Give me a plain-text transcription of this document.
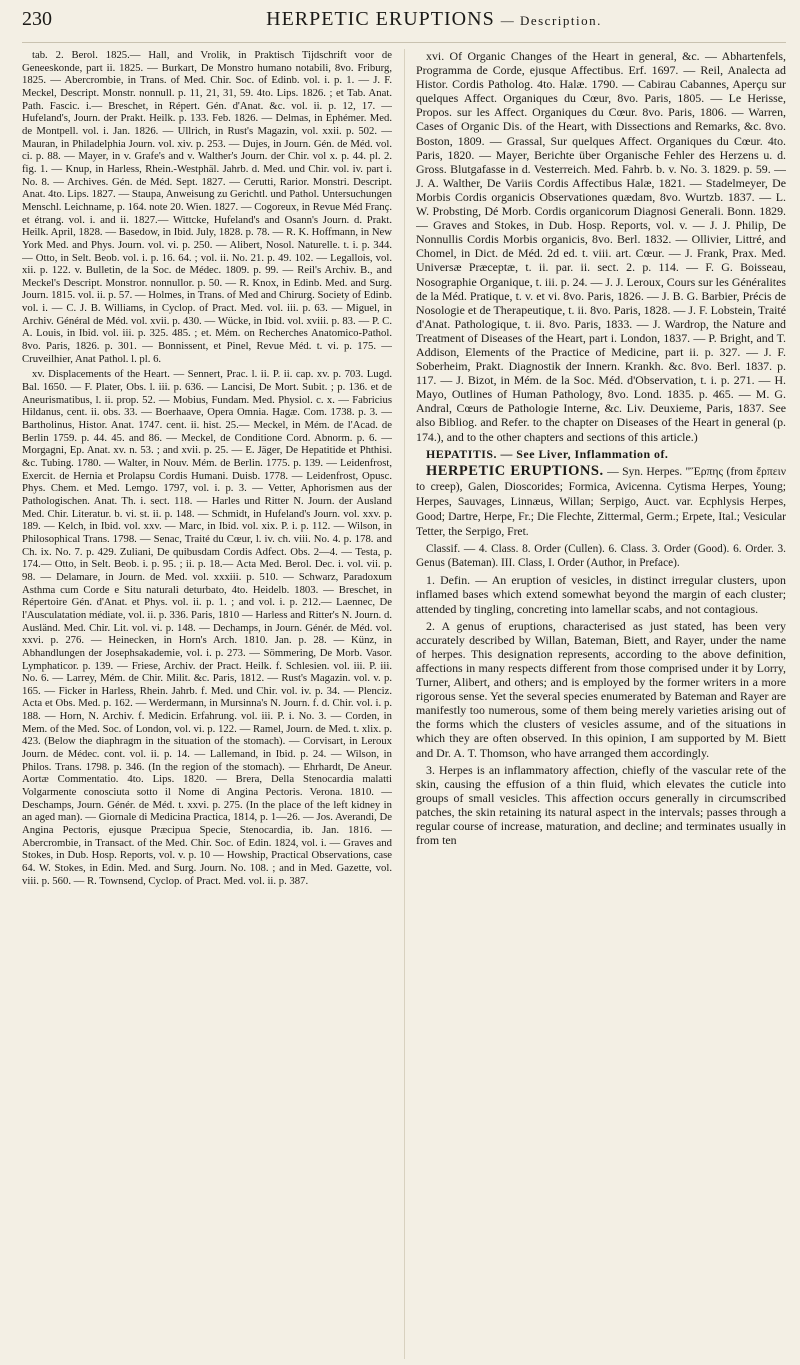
230	HERPETIC ERUPTIONS — Description.

tab. 2. Berol. 1825.— Hall, and Vrolik, in Praktisch Tijdschrift voor de Geneeskonde, part ii. 1825. — Burkart, De Monstro humano notabili, 8vo. Friburg, 1825. — Abercrombie, in Trans. of Med. Chir. Soc. of Edinb. vol. i. p. 1. — J. F. Meckel, Descript. Monstr. nonnull. p. 11, 21, 31, 59. 4to. Lips. 1826. ; et Tab. Anat. Path. Fascic. i.— Breschet, in Répert. Gén. d'Anat. &c. vol. ii. p. 12, 17. — Hufeland's, Journ. der Prakt. Heilk. p. 133. Feb. 1826. — Delmas, in Ephémer. Med. de Montpell. vol. i. Jan. 1826. — Ullrich, in Rust's Magazin, vol. xxii. p. 502. — Mauran, in Philadelphia Journ. vol. xiv. p. 253. — Dujes, in Journ. Gén. de Méd. vol. ci. p. 88. — Mayer, in v. Grafe's and v. Walther's Journ. der Chir. vol x. p. 44. pl. 2. fig. 1. — Knup, in Harless, Rhein.-Westphäl. Jahrb. d. Med. und Chir. vol. iv. part i. No. 8. — Archives. Gén. de Méd. Sept. 1827. — Cerutti, Rarior. Monstri. Descript. Anat. 4to. Lips. 1827. — Staupa, Anweisung zu Gerichtl. und Pathol. Untersuchungen Menschl. Leichname, p. 164. note 20. Wien. 1827. — Cogoreux, in Revue Méd Franç. et étrang. vol. i. and ii. 1827.— Wittcke, Hufeland's and Osann's Journ. d. Prakt. Heilk. April, 1828. — Basedow, in Ibid. July, 1828. p. 78. — R. K. Hoffmann, in New York Med. and Phys. Journ. vol. vi. p. 250. — Alibert, Nosol. Naturelle. t. i. p. 344. — Otto, in Selt. Beob. vol. i. p. 16. 64. ; vol. ii. No. 21. p. 49. 102. — Legallois, vol. xii. p. 122. v. Bulletin, de la Soc. de Médec. 1809. p. 99. — Reil's Archiv. B., and Meckel's Descript. Monstror. nonnullor. p. 50. — R. Knox, in Edinb. Med. and Surg. Journ. 1815. vol. ii. p. 57. — Holmes, in Trans. of Med and Chirurg. Society of Edinb. vol. i. — C. J. B. Williams, in Cyclop. of Pract. Med. vol. iii. p. 63. — Miguel, in Archiv. Général de Méd. vol. xvii. p. 430. — Wücke, in Ibid. vol. xviii. p. 83. — P. C. A. Louis, in Ibid. vol. iii. p. 325. 485. ; et. Mém. on Recherches Anatomico-Pathol. 8vo. Paris, 1826. p. 301. — Bonnissent, et Pinel, Revue Méd. t. vi. p. 175. — Cruveilhier, Anat Pathol. l. pl. 6.

xv. Displacements of the Heart. — Sennert, Prac. l. ii. P. ii. cap. xv. p. 703. Lugd. Bal. 1650. — F. Plater, Obs. l. iii. p. 636. — Lancisi, De Mort. Subit. ; p. 136. et de Aneurismatibus, l. ii. prop. 52. — Mobius, Fundam. Med. Physiol. c. x. — Fabricius Hildanus, cent. ii. obs. 33. — Boerhaave, Opera Omnia. Hagæ. Com. 1738. p. 3. — Bartholinus, Histor. Anat. 1747. cent. ii. hist. 25.— Meckel, in Mém. de l'Acad. de Berlin 1759. p. 44. 45. and 86. — Meckel, de Conditione Cord. Abnorm. p. 6. — Morgagni, Ep. Anat. xv. n. 53. ; and xvii. p. 25. — E. Jäger, De Hepatitide et Phthisi. &c. Tubing. 1780. — Walter, in Nouv. Mém. de Berlin. 1775. p. 139. — Leidenfrost, Exercit. de Hernia et Prolapsu Cordis Humani. Duisb. 1778. — Leidenfrost, Opusc. Phys. Chem. et Med. Lemgo. 1797, vol. i. p. 3. — Vetter, Aphorismen aus der Pathologischen. Anat. Th. i. sect. 118. — Harles und Ritter N. Journ. der Ausland Med. Chir. Literatur. b. vi. st. ii. p. 148. — Schmidt, in Hufeland's Journ. vol. xxv. p. 189. — Kelch, in Ibid. vol. xxv. — Marc, in Ibid. vol. xix. P. i. p. 112. — Wilson, in Philosophical Trans. 1798. — Senac, Traité du Cœur, l. iv. ch. viii. No. 4. p. 178. and Ch. ix. No. 7. p. 429. Zuliani, De quibusdam Cordis Adfect. Obs. 2—4. — Testa, p. 174.— Otto, in Selt. Beob. i. p. 95. ; ii. p. 18.— Acta Med. Berol. Dec. i. vol. vii. p. 98. — Delamare, in Journ. de Med. vol. xxxiii. p. 510. — Schwarz, Paradoxum Asthma cum Corde e Situ naturali deturbato, 4to. Heidelb. 1803. — Breschet, in Répertoire Gén. d'Anat. et Phys. vol. ii. p. 1. ; and vol. i. p. 212.— Laennec, De l'Ausculatation médiate, vol. ii. p. 336. Paris, 1810 — Harless and Ritter's N. Journ. d. Ausländ. Med. Chir. Lit. vol. vi. p. 148. — Dechamps, in Journ. Génér. de Méd. vol. xxvi. p. 276. — Heinecken, in Horn's Arch. 1810. Jan. p. 28. — Künz, in Abhandlungen der Josephsakademie, vol. i. p. 273. — Sömmering, De Morb. Vasor. Lymphaticor. p. 139. — Friese, Archiv. der Pract. Heilk. f. Schlesien. vol. iii. P. iii. No. 6. — Larrey, Mém. de Chir. Milit. &c. Paris, 1812. — Rust's Magazin. vol. v. p. 165. — Ficker in Harless, Rhein. Jahrb. f. Med. und Chir. vol. iv. p. 34. — Plenciz. Acta et Obs. Med. p. 162. — Werdermann, in Mursinna's N. Journ. f. d. Chir. vol. i. p. 188. — Horn, N. Archiv. f. Medicin. Erfahrung. vol. iii. P. i. No. 3. — Corden, in Mem. of the Med. Soc. of London, vol. vi. p. 122. — Ramel, Journ. de Med. t. xlix. p. 423. (Below the diaphragm in the situation of the stomach). — Corvisart, in Leroux Journ. de Médec. cont. vol. ii. p. 14. — Lallemand, in Ibid. p. 24. — Wilson, in Philos. Trans. 1798. p. 346. (In the region of the stomach). — Ehrhardt, De Aneur. Aortæ Commentatio. 4to. Lips. 1820. — Brera, Della Stenocardia malatti Volgarmente conosciuta sotto il Nome di Angina Pectoris. Verona. 1810. — Deschamps, Journ. Génér. de Méd. t. xxvi. p. 275. (In the place of the left kidney in an aged man). — Giornale di Medicina Practica, 1814, p. 1—26. — Jos. Averandi, De Angina Pectoris, ejusque Præcipua Specie, Stenocardia, ib. Jan. 1816. — Abercrombie, in Transact. of the Med. Chir. Soc. of Edin. 1824, vol. i. — Graves and Stokes, in Dub. Hosp. Reports, vol. v. p. 10 — Howship, Practical Observations, case 64. W. Stokes, in Edin. Med. and Surg. Journ. No. 108. ; and in Med. Gazette, vol. viii. p. 560. — R. Townsend, Cyclop. of Pract. Med. vol. ii. p. 387.

xvi. Of Organic Changes of the Heart in general, &c. — Abhartenfels, Programma de Corde, ejusque Affectibus. Erf. 1697. — Reil, Analecta ad Histor. Cordis Patholog. 4to. Halæ. 1790. — Cabirau Cabannes, Aperçu sur quelques Affect. Organiques du Cœur, 8vo. Paris, 1805. — Le Herisse, Propos. sur les Affect. Organiques du Cœur. 8vo. Paris, 1806. — Warren, Cases of Organic Dis. of the Heart, with Dissections and Remarks, &c. 8vo. Boston, 1809. — Grassal, Sur quelques Affect. Organiques du Cœur. 4to. Paris, 1820. — Mayer, Berichte über Organische Fehler des Herzens u. d. Gross. Blutgafasse in d. Vesterreich. Med. Fahrb. b. v. No. 3. 1829. p. 59. — J. A. Walther, De Variis Cordis Affectibus Halæ, 1821. — Stadelmeyer, De Morbis Cordis organicis Observationes quædam, 8vo. Wurtzb. 1837. — L. W. Probsting, Dé Morb. Cordis organicorum Diagnosi Generali. Bonn. 1829. — Graves and Stokes, in Dub. Hosp. Reports, vol. v. — J. J. Philip, De Nonnullis Cordis Morbis organicis, 8vo. Berl. 1832. — Ollivier, Littré, and Chomel, in Dict. de Méd. 2d ed. t. viii. art. Cœur. — J. Frank, Prax. Med. Universæ Præceptæ, t. ii. par. ii. sect. 2. p. 114. — F. G. Boisseau, Nosographie Organique, t. iii. p. 24. — J. J. Leroux, Cours sur les Généralites de la Méd. Pratique, t. v. et vi. 8vo. Paris, 1826. — J. B. G. Barbier, Précis de Nosologie et de Therapeutique, t. ii. 8vo. Paris, 1828. — J. F. Lobstein, Traité d'Anat. Pathologique, t. ii. 8vo. Paris, 1833. — J. Wardrop, the Nature and Treatment of Diseases of the Heart, part i. London, 1837. — P. Bright, and T. Addison, Elements of the Practice of Medicine, part ii. p. 327. — J. F. Soberheim, Prakt. Diagnostik der Innern. Krankh. &c. 8vo. Berl. 1837. p. 117. — J. Bizot, in Mém. de la Soc. Méd. d'Observation, t. i. p. 271. — H. Mayo, Outlines of Human Pathology, 8vo. Lond. 1835. p. 465. — M. G. Andral, Cœurs de Pathologie Interne, &c. Liv. Deuxieme, Paris, 1837. See also Bibliog. and Refer. to the chapter on Diseases of the Heart in general (p. 174.), and to the other chapters and sections of this article.)

HEPATITIS. — See Liver, Inflammation of.

HERPETIC ERUPTIONS. — Syn. Herpes. "Ἕρπης (from ἕρπειν to creep), Galen, Dioscorides; Formica, Avicenna. Cytisma Herpes, Young; Herpes, Sauvages, Linnæus, Willan; Serpigo, Auct. var. Ecphlysis Herpes, Good; Dartre, Herpe, Fr.; Die Flechte, Zittermal, Germ.; Erpete, Ital.; Vesicular Tetter, the Serpigo, Fret.

Classif. — 4. Class. 8. Order (Cullen). 6. Class. 3. Order (Good). 6. Order. 3. Genus (Bateman). III. Class, I. Order (Author, in Preface).

1. Defin. — An eruption of vesicles, in distinct irregular clusters, upon inflamed bases which extend somewhat beyond the margin of each cluster; attended by tingling, concreting into lamellar scabs, and not contagious.

2. A genus of eruptions, characterised as just stated, has been very accurately described by Willan, Bateman, Biett, and Rayer, under the name of herpes. This designation represents, according to the above definition, affections in many respects different from those comprised under it by Lorry, Turner, Alibert, and others; and is employed by the former writers in a more rigorous sense. Yet the several species enumerated by Bateman and Rayer are manifestly too numerous, some of them being merely varieties arising out of the forms which the clusters of vesicles assume, and of the situations in which they are often observed. In this opinion, I am supported by M. Biett and Dr. A. T. Thomson, who have arranged them accordingly.

3. Herpes is an inflammatory affection, chiefly of the vascular rete of the skin, causing the effusion of a thin fluid, which elevates the cuticle into groups of small vesicles. This affection occurs generally in circumscribed patches, the skin retaining its natural aspect in the intervals; passes through a regular course of increase, maturation, and decline; and terminates usually in from ten
